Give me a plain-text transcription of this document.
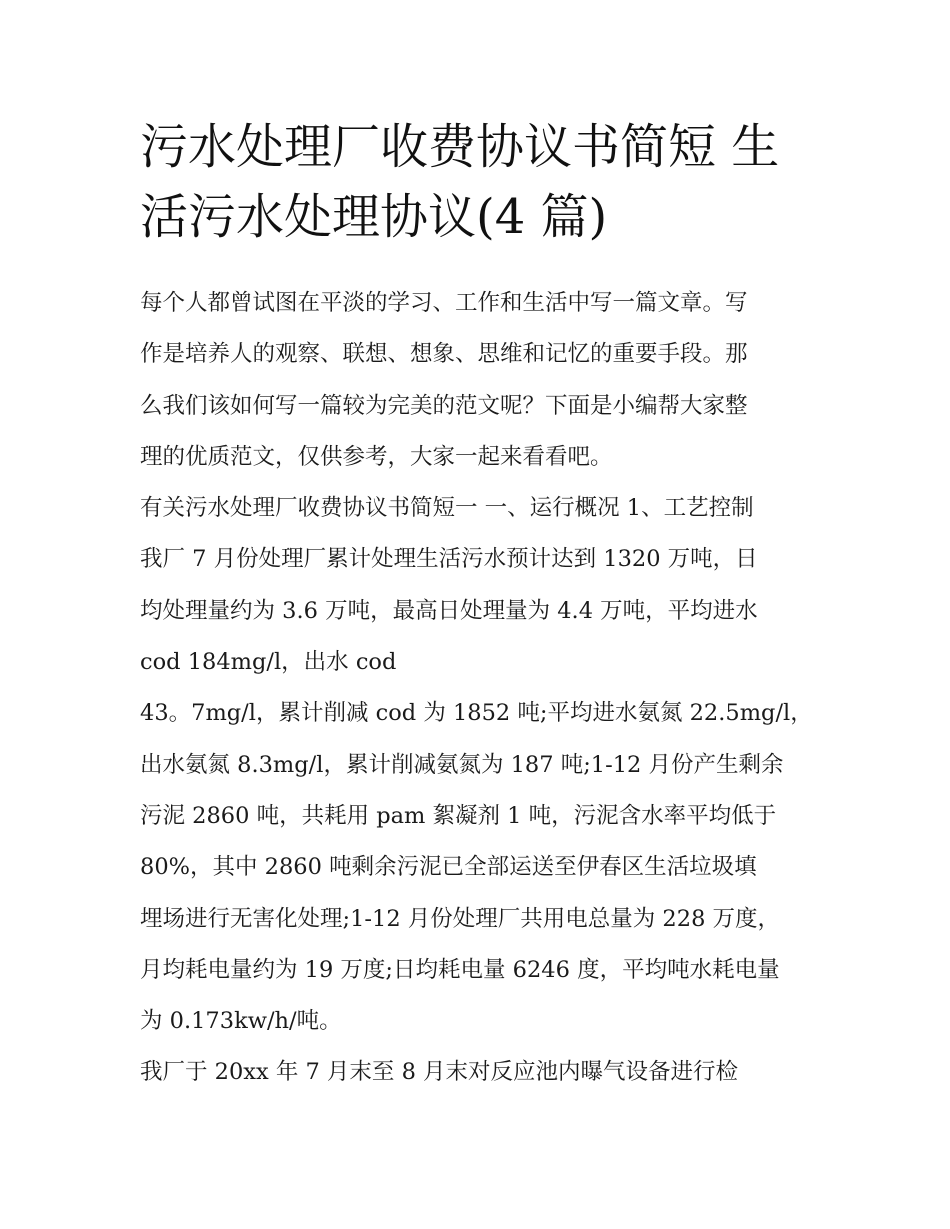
污水处理厂收费协议书简短 生
活污水处理协议(4 篇)
每个人都曾试图在平淡的学习、工作和生活中写一篇文章。写
作是培养人的观察、联想、想象、思维和记忆的重要手段。那
么我们该如何写一篇较为完美的范文呢？下面是小编帮大家整
理的优质范文，仅供参考，大家一起来看看吧。
有关污水处理厂收费协议书简短一 一、运行概况 1、工艺控制
我厂 7 月份处理厂累计处理生活污水预计达到 1320 万吨，日
均处理量约为 3.6 万吨，最高日处理量为 4.4 万吨，平均进水
cod 184mg/l，出水 cod
43。7mg/l，累计削减 cod 为 1852 吨;平均进水氨氮 22.5mg/l，
出水氨氮 8.3mg/l，累计削减氨氮为 187 吨;1-12 月份产生剩余
污泥 2860 吨，共耗用 pam 絮凝剂 1 吨，污泥含水率平均低于
80%，其中 2860 吨剩余污泥已全部运送至伊春区生活垃圾填
埋场进行无害化处理;1-12 月份处理厂共用电总量为 228 万度，
月均耗电量约为 19 万度;日均耗电量 6246 度，平均吨水耗电量
为 0.173kw/h/吨。
我厂于 20xx 年 7 月末至 8 月末对反应池内曝气设备进行检
